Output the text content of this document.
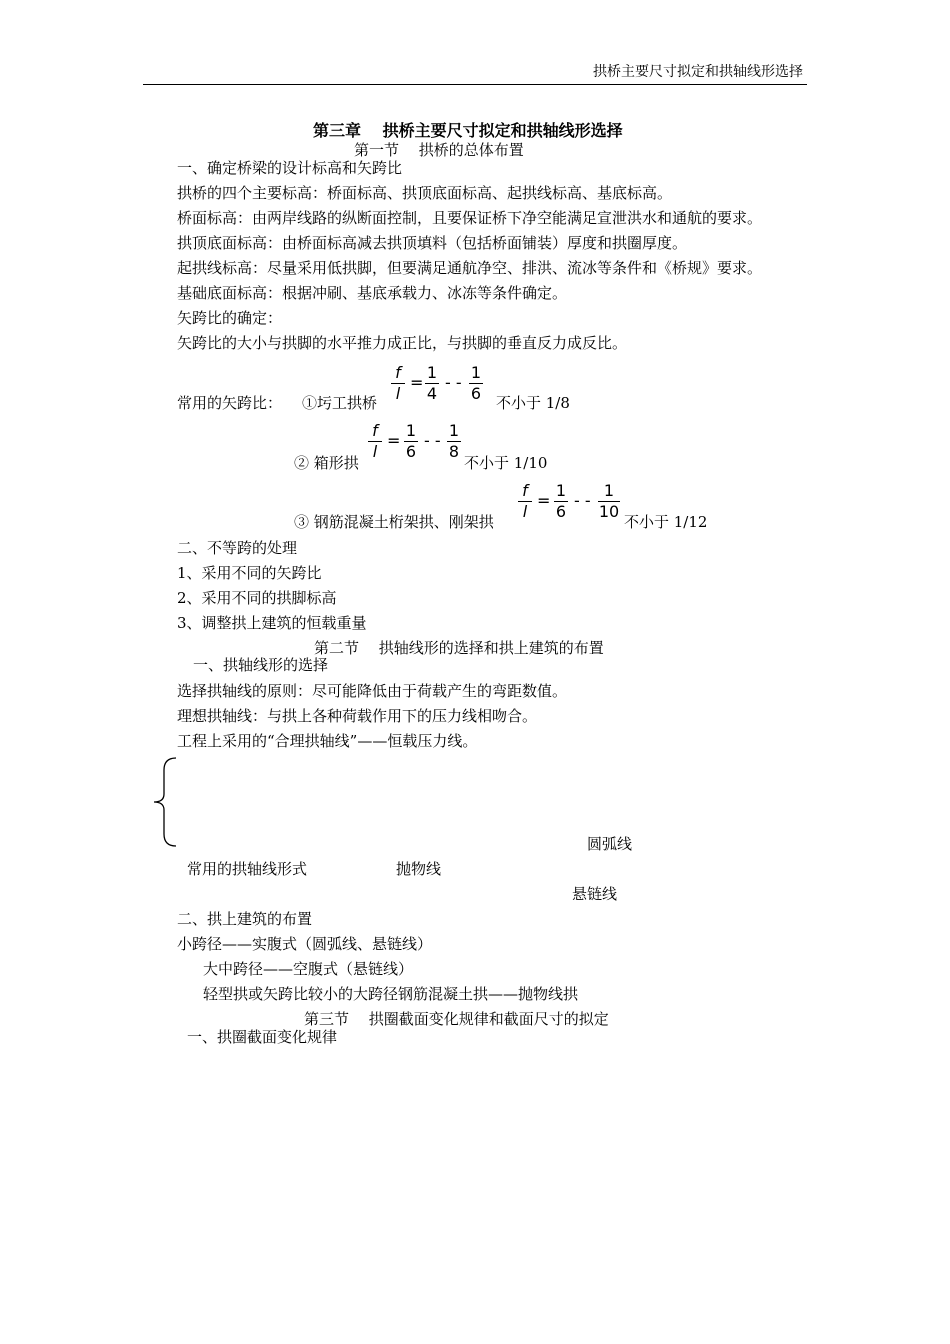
拱桥主要尺寸拟定和拱轴线形选择
第三章　 拱桥主要尺寸拟定和拱轴线形选择
第一节　 拱桥的总体布置
一、确定桥梁的设计标高和矢跨比
拱桥的四个主要标高：桥面标高、拱顶底面标高、起拱线标高、基底标高。
桥面标高：由两岸线路的纵断面控制，且要保证桥下净空能满足宣泄洪水和通航的要求。
拱顶底面标高：由桥面标高减去拱顶填料（包括桥面铺装）厚度和拱圈厚度。
起拱线标高：尽量采用低拱脚，但要满足通航净空、排洪、流冰等条件和《桥规》要求。
基础底面标高：根据冲刷、基底承载力、冰冻等条件确定。
矢跨比的确定：
矢跨比的大小与拱脚的水平推力成正比，与拱脚的垂直反力成反比。
常用的矢跨比： ①圬工拱桥
f
l
=
1
4
- -
1
6 不小于 1/8
② 箱形拱
f
l
=
1
6
- -
1
8
不小于 1/10
③ 钢筋混凝土桁架拱、刚架拱
f
l
=
1
6
- -
1
10
不小于 1/12
二、不等跨的处理
1、采用不同的矢跨比
2、采用不同的拱脚标高
3、调整拱上建筑的恒载重量
第二节　 拱轴线形的选择和拱上建筑的布置
一、拱轴线形的选择
选择拱轴线的原则：尽可能降低由于荷载产生的弯距数值。
理想拱轴线：与拱上各种荷载作用下的压力线相吻合。
工程上采用的“合理拱轴线”——恒载压力线。
圆弧线
常用的拱轴线形式	抛物线
悬链线
二、拱上建筑的布置
小跨径——实腹式（圆弧线、悬链线）
大中跨径——空腹式（悬链线）
轻型拱或矢跨比较小的大跨径钢筋混凝土拱——抛物线拱
第三节　 拱圈截面变化规律和截面尺寸的拟定
一、拱圈截面变化规律
